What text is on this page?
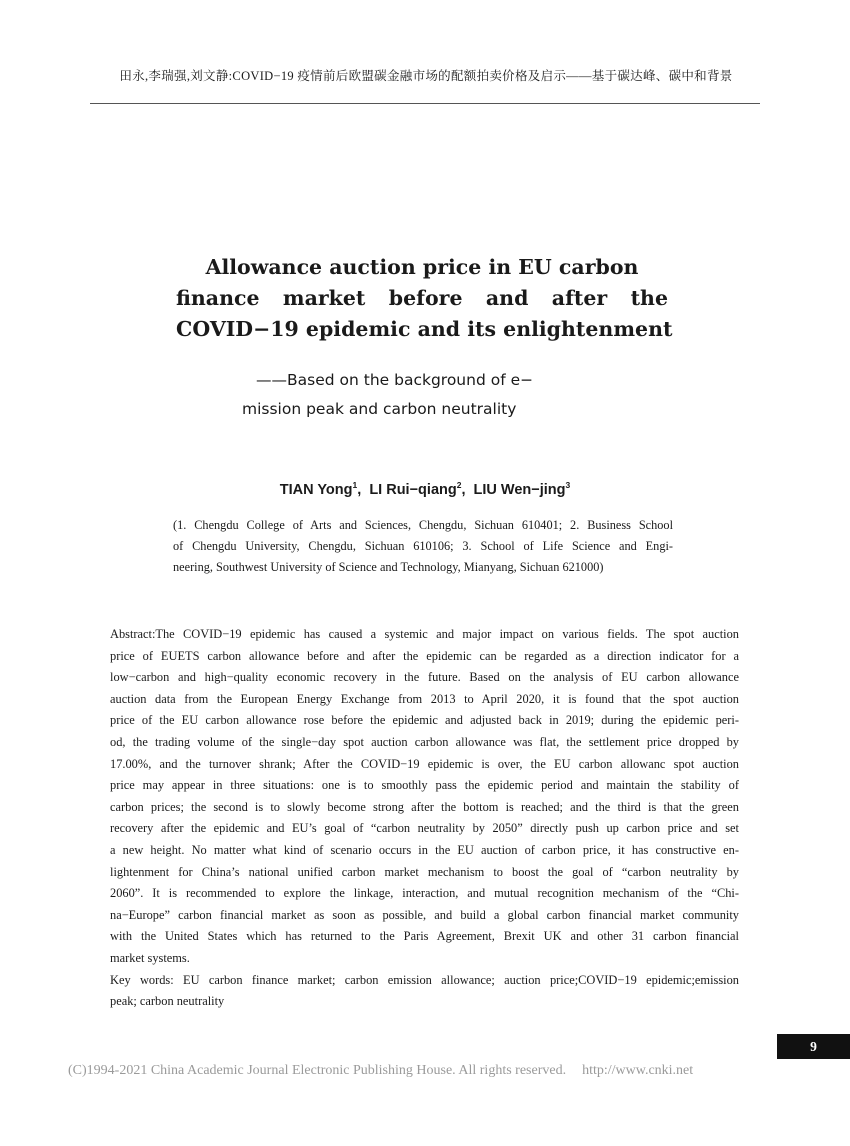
田永,李瑞强,刘文静:COVID−19 疫情前后欧盟碳金融市场的配额拍卖价格及启示——基于碳达峰、碳中和背景
Allowance auction price in EU carbon
finance market before and after the
COVID−19 epidemic and its enlightenment
——Based on the background of e−
mission peak and carbon neutrality
TIAN Yong$^1$,  LI Rui−qiang$^2$,  LIU Wen−jing$^3$
(1. Chengdu College of Arts and Sciences, Chengdu, Sichuan 610401; 2. Business School
of Chengdu University, Chengdu, Sichuan 610106; 3. School of Life Science and Engi-
neering, Southwest University of Science and Technology, Mianyang, Sichuan 621000)
Abstract:The COVID−19 epidemic has caused a systemic and major impact on various fields. The spot auction
price of EUETS carbon allowance before and after the epidemic can be regarded as a direction indicator for a
low−carbon and high−quality economic recovery in the future. Based on the analysis of EU carbon allowance
auction data from the European Energy Exchange from 2013 to April 2020, it is found that the spot auction
price of the EU carbon allowance rose before the epidemic and adjusted back in 2019; during the epidemic peri-
od, the trading volume of the single−day spot auction carbon allowance was flat, the settlement price dropped by
17.00%, and the turnover shrank; After the COVID−19 epidemic is over, the EU carbon allowanc spot auction
price may appear in three situations: one is to smoothly pass the epidemic period and maintain the stability of
carbon prices; the second is to slowly become strong after the bottom is reached; and the third is that the green
recovery after the epidemic and EU’s goal of “carbon neutrality by 2050” directly push up carbon price and set
a new height. No matter what kind of scenario occurs in the EU auction of carbon price, it has constructive en-
lightenment for China’s national unified carbon market mechanism to boost the goal of “carbon neutrality by
2060”. It is recommended to explore the linkage, interaction, and mutual recognition mechanism of the “Chi-
na−Europe” carbon financial market as soon as possible, and build a global carbon financial market community
with the United States which has returned to the Paris Agreement, Brexit UK and other 31 carbon financial
market systems.
Key words: EU carbon finance market; carbon emission allowance; auction price;COVID−19 epidemic;emission
peak; carbon neutrality
9
(C)1994-2021 China Academic Journal Electronic Publishing House. All rights reserved. http://www.cnki.net
